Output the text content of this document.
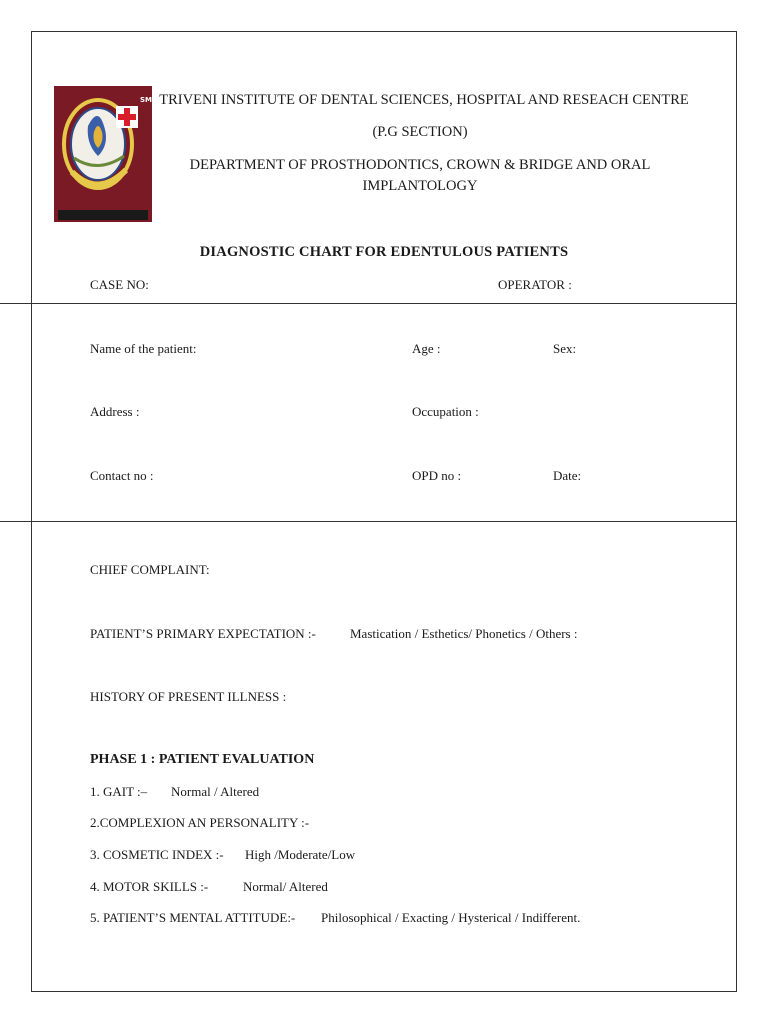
SM TRIVENI INSTITUTE OF DENTAL SCIENCES, HOSPITAL AND RESEACH CENTRE
(P.G SECTION)
DEPARTMENT OF PROSTHODONTICS, CROWN & BRIDGE AND ORAL
IMPLANTOLOGY
DIAGNOSTIC CHART FOR EDENTULOUS PATIENTS
CASE NO:	OPERATOR :
Name of the patient:	Age :	Sex:
Address :	Occupation :
Contact no :	OPD no :	Date:
CHIEF COMPLAINT:
PATIENT’S PRIMARY EXPECTATION :-	Mastication / Esthetics/ Phonetics / Others :
HISTORY OF PRESENT ILLNESS :
PHASE 1 : PATIENT EVALUATION
1. GAIT :– Normal / Altered
2.COMPLEXION AN PERSONALITY :-
3. COSMETIC INDEX :- High /Moderate/Low
4. MOTOR SKILLS :-	Normal/ Altered
5. PATIENT’S MENTAL ATTITUDE:- Philosophical / Exacting / Hysterical / Indifferent.
